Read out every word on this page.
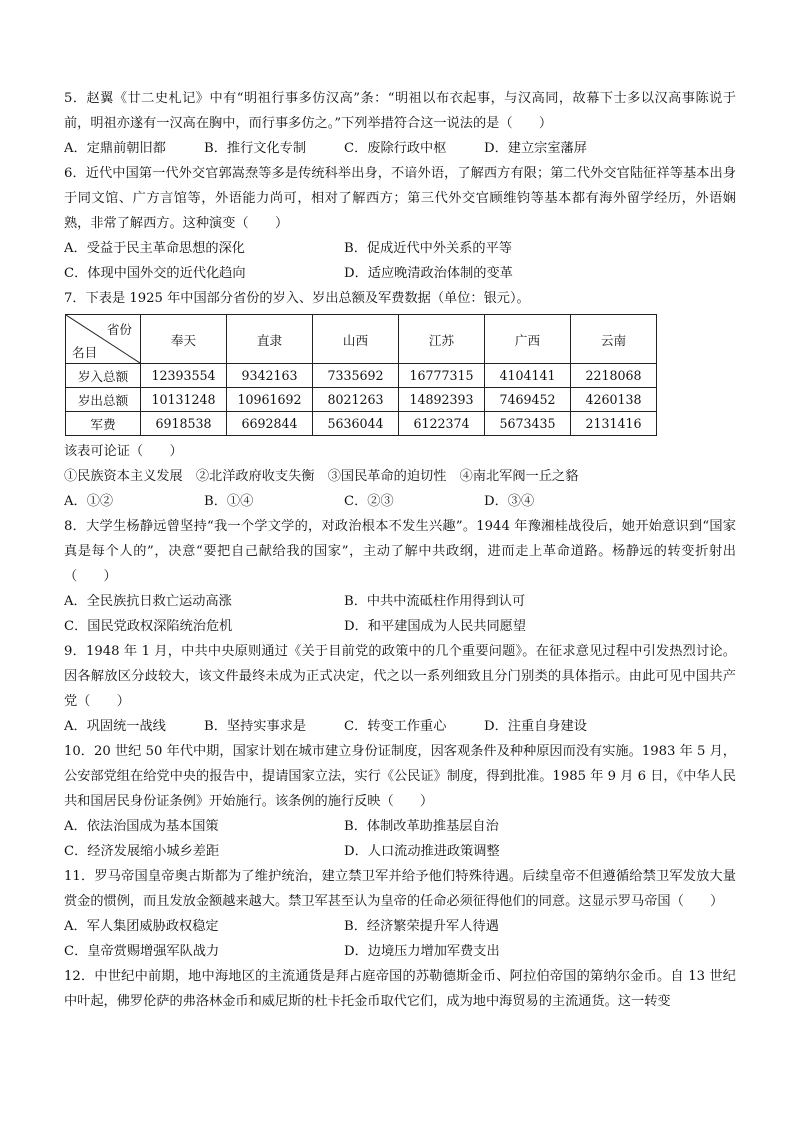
5．赵翼《廿二史札记》中有“明祖行事多仿汉高”条：“明祖以布衣起事，与汉高同，故幕下士多以汉高事陈说于前，明祖亦遂有一汉高在胸中，而行事多仿之。”下列举措符合这一说法的是（　　）

A．定鼎前朝旧都	B．推行文化专制	C．废除行政中枢	D．建立宗室藩屏

6．近代中国第一代外交官郭嵩焘等多是传统科举出身，不谙外语，了解西方有限；第二代外交官陆征祥等基本出身于同文馆、广方言馆等，外语能力尚可，相对了解西方；第三代外交官顾维钧等基本都有海外留学经历，外语娴熟，非常了解西方。这种演变（　　）

A．受益于民主革命思想的深化	B．促成近代中外关系的平等
C．体现中国外交的近代化趋向	D．适应晚清政治体制的变革

7．下表是 1925 年中国部分省份的岁入、岁出总额及军费数据（单位：银元）。

省份
名目	奉天	直隶	山西	江苏	广西	云南
岁入总额	12393554	9342163	7335692	16777315	4104141	2218068
岁出总额	10131248	10961692	8021263	14892393	7469452	4260138
军费	6918538	6692844	5636044	6122374	5673435	2131416

该表可论证（　　）

①民族资本主义发展　②北洋政府收支失衡　③国民革命的迫切性　④南北军阀一丘之貉

A．①②	B．①④	C．②③	D．③④

8．大学生杨静远曾坚持“我一个学文学的，对政治根本不发生兴趣”。1944 年豫湘桂战役后，她开始意识到“国家真是每个人的”，决意“要把自己献给我的国家”，主动了解中共政纲，进而走上革命道路。杨静远的转变折射出（　　）

A．全民族抗日救亡运动高涨	B．中共中流砥柱作用得到认可
C．国民党政权深陷统治危机	D．和平建国成为人民共同愿望

9．1948 年 1 月，中共中央原则通过《关于目前党的政策中的几个重要问题》。在征求意见过程中引发热烈讨论。因各解放区分歧较大，该文件最终未成为正式决定，代之以一系列细致且分门别类的具体指示。由此可见中国共产党（　　）

A．巩固统一战线	B．坚持实事求是	C．转变工作重心	D．注重自身建设

10．20 世纪 50 年代中期，国家计划在城市建立身份证制度，因客观条件及种种原因而没有实施。1983 年 5 月，公安部党组在给党中央的报告中，提请国家立法，实行《公民证》制度，得到批准。1985 年 9 月 6 日，《中华人民共和国居民身份证条例》开始施行。该条例的施行反映（　　）

A．依法治国成为基本国策	B．体制改革助推基层自治
C．经济发展缩小城乡差距	D．人口流动推进政策调整

11．罗马帝国皇帝奥古斯都为了维护统治，建立禁卫军并给予他们特殊待遇。后续皇帝不但遵循给禁卫军发放大量赏金的惯例，而且发放金额越来越大。禁卫军甚至认为皇帝的任命必须征得他们的同意。这显示罗马帝国（　　）

A．军人集团威胁政权稳定	B．经济繁荣提升军人待遇
C．皇帝赏赐增强军队战力	D．边境压力增加军费支出

12．中世纪中前期，地中海地区的主流通货是拜占庭帝国的苏勒德斯金币、阿拉伯帝国的第纳尔金币。自 13 世纪中叶起，佛罗伦萨的弗洛林金币和威尼斯的杜卡托金币取代它们，成为地中海贸易的主流通货。这一转变
